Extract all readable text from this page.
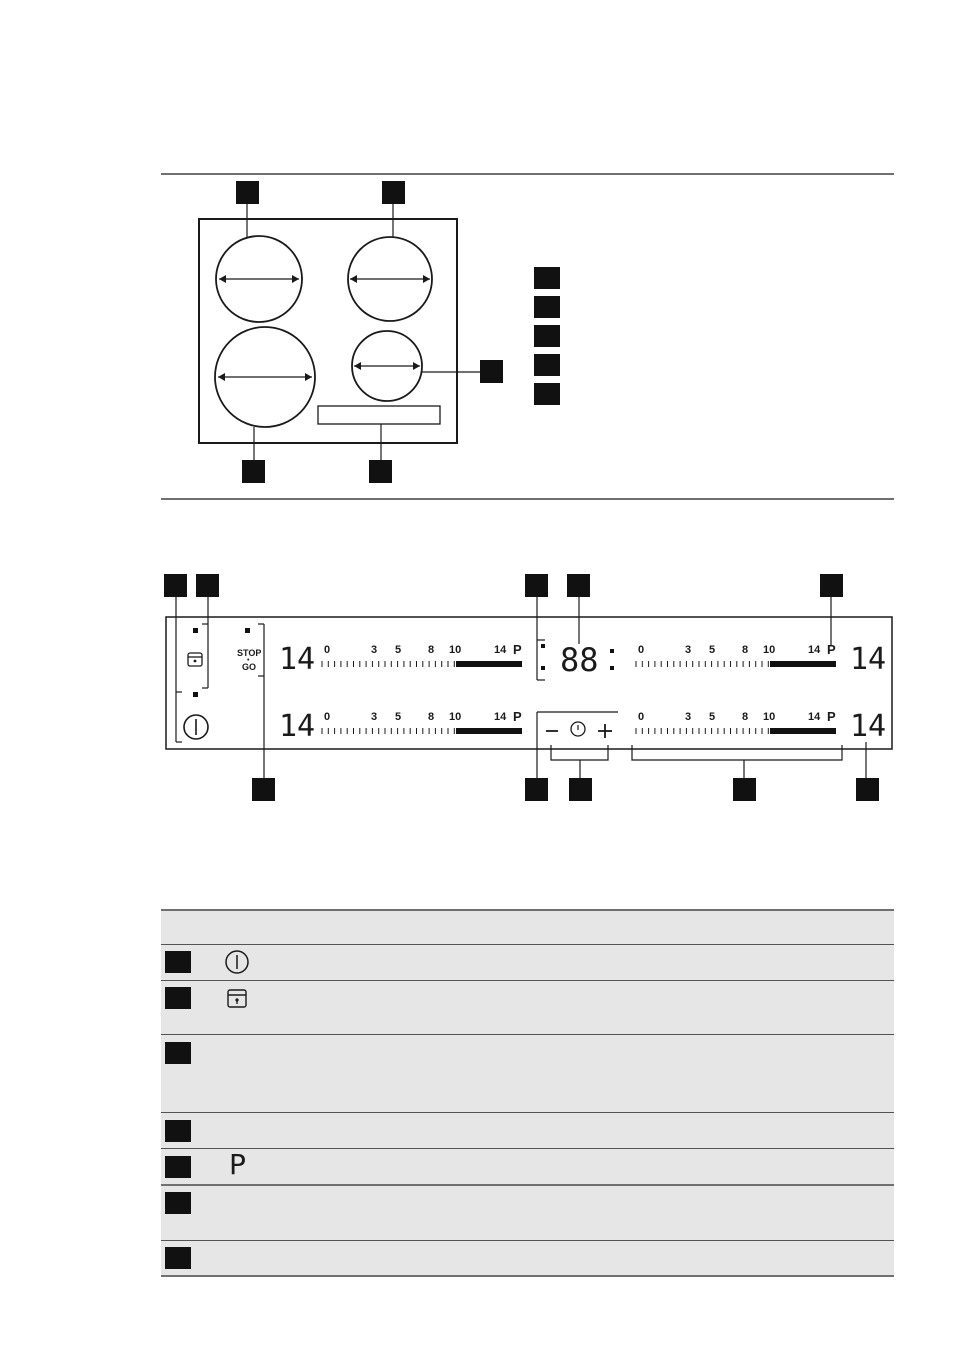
STOP
•
GO 14
14
14
14
88
0	3 5 8 10	14 P
0	3 5 8 10	14 P
0	3 5 8 10	14 P
0	3 5 8 10	14 P
P
